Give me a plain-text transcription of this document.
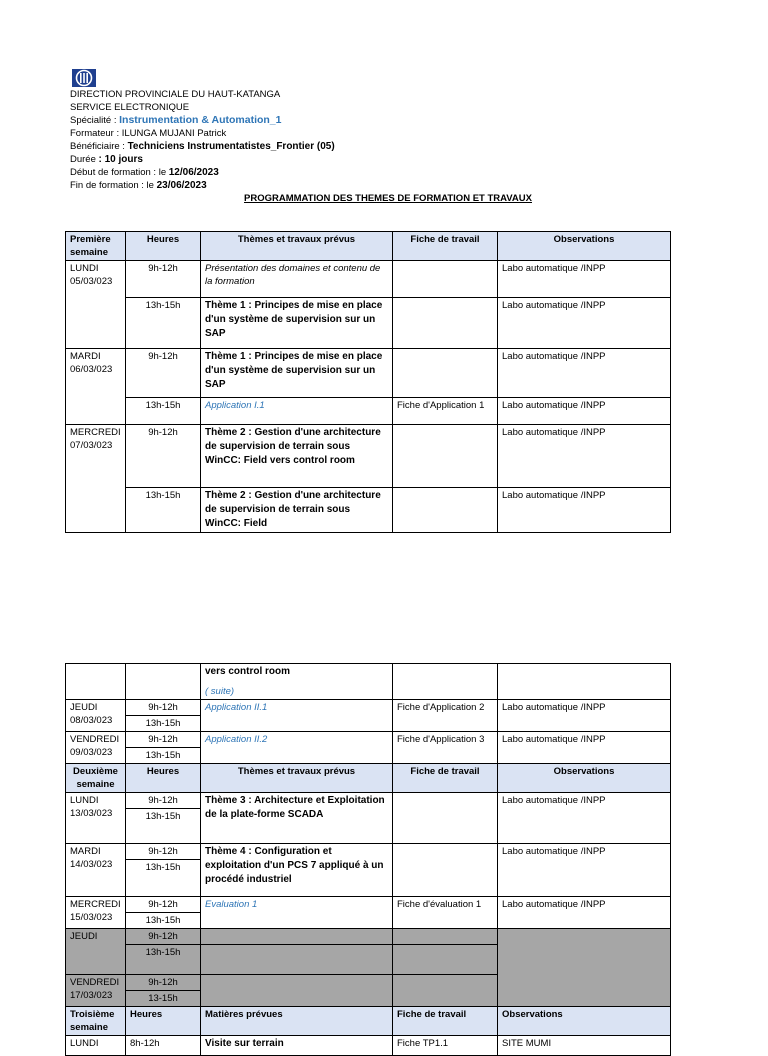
DIRECTION PROVINCIALE DU HAUT-KATANGA
SERVICE ELECTRONIQUE
Spécialité : Instrumentation & Automation_1
Formateur : ILUNGA MUJANI Patrick
Bénéficiaire : Techniciens Instrumentatistes_Frontier (05)
Durée : 10 jours
Début de formation : le 12/06/2023
Fin de formation : le 23/06/2023
PROGRAMMATION DES THEMES DE FORMATION ET TRAVAUX
Première semaine	Heures	Thèmes et travaux prévus	Fiche de travail	Observations
LUNDI 05/03/023	9h-12h	Présentation des domaines et contenu de la formation		Labo automatique /INPP
	13h-15h	Thème 1 : Principes de mise en place d'un système de supervision sur un SAP		Labo automatique /INPP
MARDI 06/03/023	9h-12h	Thème 1 : Principes de mise en place d'un système de supervision sur un SAP		Labo automatique /INPP
	13h-15h	Application I.1	Fiche d'Application 1	Labo automatique /INPP
MERCREDI 07/03/023	9h-12h	Thème 2 : Gestion d'une architecture de supervision de terrain sous WinCC: Field vers control room		Labo automatique /INPP
	13h-15h	Thème 2 : Gestion d'une architecture de supervision de terrain sous WinCC: Field		Labo automatique /INPP

		vers control room
( suite)		

JEUDI 08/03/023	9h-12h	Application II.1	Fiche d'Application 2	Labo automatique /INPP
	13h-15h			
VENDREDI 09/03/023	9h-12h	Application II.2	Fiche d'Application 3	Labo automatique /INPP
	13h-15h			
Deuxième semaine	Heures	Thèmes et travaux prévus	Fiche de travail	Observations
LUNDI 13/03/023	9h-12h	Thème 3 : Architecture et Exploitation de la plate-forme SCADA		Labo automatique /INPP
	13h-15h			
MARDI 14/03/023	9h-12h	Thème 4 : Configuration et exploitation d'un PCS 7 appliqué à un procédé industriel		Labo automatique /INPP
	13h-15h			
MERCREDI 15/03/023	9h-12h	Evaluation 1	Fiche d'évaluation 1	Labo automatique /INPP
	13h-15h			
JEUDI	9h-12h			
	13h-15h			
VENDREDI 17/03/023	9h-12h			
	13-15h			
Troisième semaine	Heures	Matières prévues	Fiche de travail	Observations
LUNDI	8h-12h	Visite sur terrain	Fiche TP1.1	SITE MUMI
